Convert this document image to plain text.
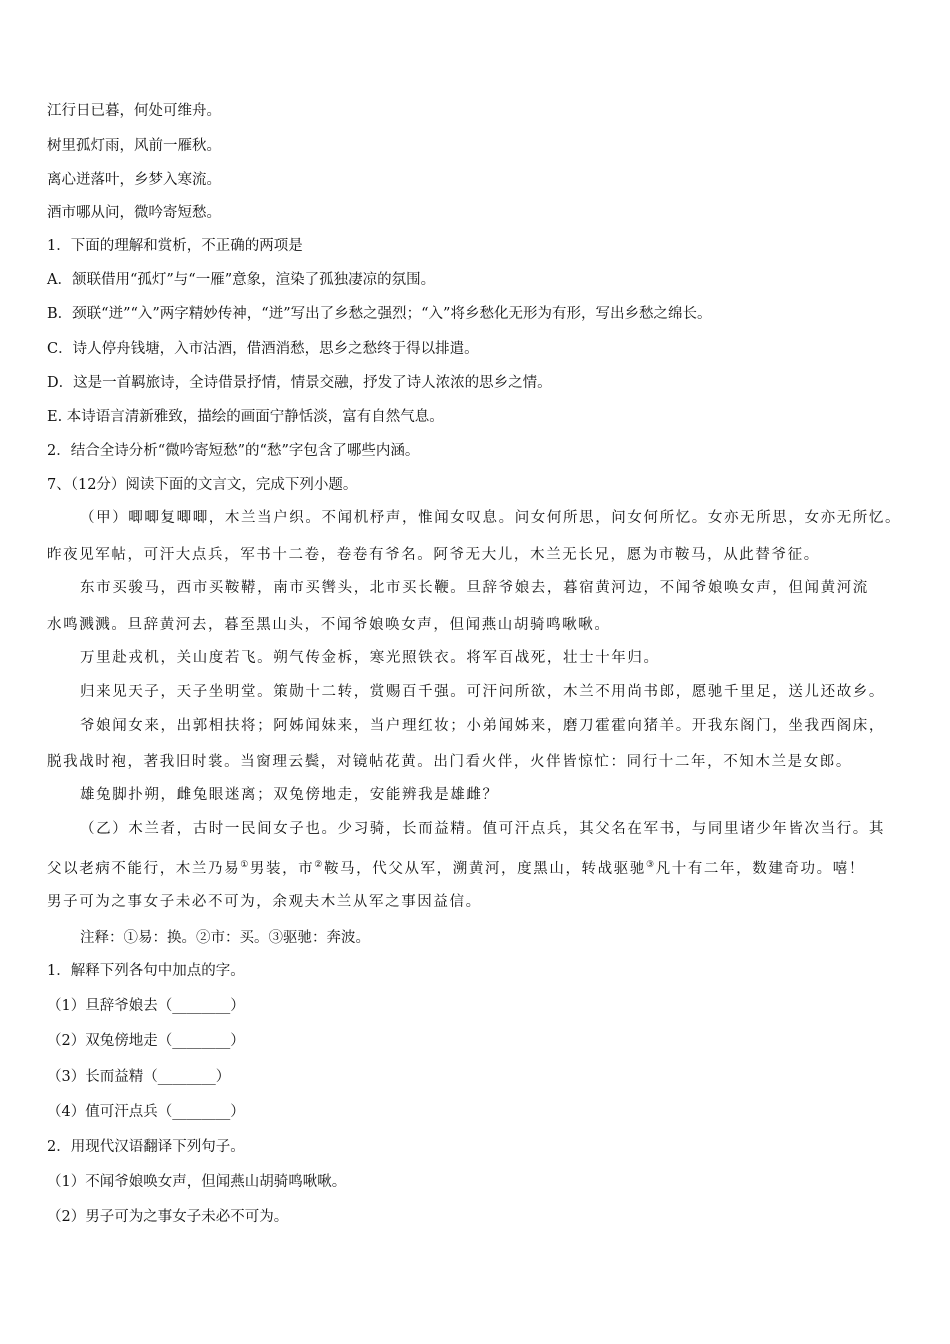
江行日已暮，何处可维舟。
树里孤灯雨，风前一雁秋。
离心迸落叶，乡梦入寒流。
酒市哪从问，微吟寄短愁。
1．下面的理解和赏析，不正确的两项是
A．颔联借用“孤灯”与“一雁”意象，渲染了孤独凄凉的氛围。
B．颈联“迸”“入”两字精妙传神，“迸”写出了乡愁之强烈；“入”将乡愁化无形为有形，写出乡愁之绵长。
C．诗人停舟钱塘，入市沽酒，借酒消愁，思乡之愁终于得以排遣。
D．这是一首羁旅诗，全诗借景抒情，情景交融，抒发了诗人浓浓的思乡之情。
E. 本诗语言清新雅致，描绘的画面宁静恬淡，富有自然气息。
2．结合全诗分析“微吟寄短愁”的“愁”字包含了哪些内涵。
7、（12分）阅读下面的文言文，完成下列小题。
（甲）唧唧复唧唧，木兰当户织。不闻机杼声，惟闻女叹息。问女何所思，问女何所忆。女亦无所思，女亦无所忆。
昨夜见军帖，可汗大点兵，军书十二卷，卷卷有爷名。阿爷无大儿，木兰无长兄，愿为市鞍马，从此替爷征。
东市买骏马，西市买鞍鞯，南市买辔头，北市买长鞭。旦辞爷娘去，暮宿黄河边，不闻爷娘唤女声，但闻黄河流
水鸣溅溅。旦辞黄河去，暮至黑山头，不闻爷娘唤女声，但闻燕山胡骑鸣啾啾。
万里赴戎机，关山度若飞。朔气传金柝，寒光照铁衣。将军百战死，壮士十年归。
归来见天子，天子坐明堂。策勋十二转，赏赐百千强。可汗问所欲，木兰不用尚书郎，愿驰千里足，送儿还故乡。
爷娘闻女来，出郭相扶将；阿姊闻妹来，当户理红妆；小弟闻姊来，磨刀霍霍向猪羊。开我东阁门，坐我西阁床，
脱我战时袍，著我旧时裳。当窗理云鬓，对镜帖花黄。出门看火伴，火伴皆惊忙：同行十二年，不知木兰是女郎。
雄兔脚扑朔，雌兔眼迷离；双兔傍地走，安能辨我是雄雌？
（乙）木兰者，古时一民间女子也。少习骑，长而益精。值可汗点兵，其父名在军书，与同里诸少年皆次当行。其
父以老病不能行，木兰乃易①男装，市②鞍马，代父从军，溯黄河，度黑山，转战驱驰③凡十有二年，数建奇功。嘻！
男子可为之事女子未必不可为，余观夫木兰从军之事因益信。
注释：①易：换。②市：买。③驱驰：奔波。
1．解释下列各句中加点的字。
（1）旦辞爷娘去（________）
（2）双兔傍地走（________）
（3）长而益精（________）
（4）值可汗点兵（________）
2．用现代汉语翻译下列句子。
（1）不闻爷娘唤女声，但闻燕山胡骑鸣啾啾。
（2）男子可为之事女子未必不可为。
